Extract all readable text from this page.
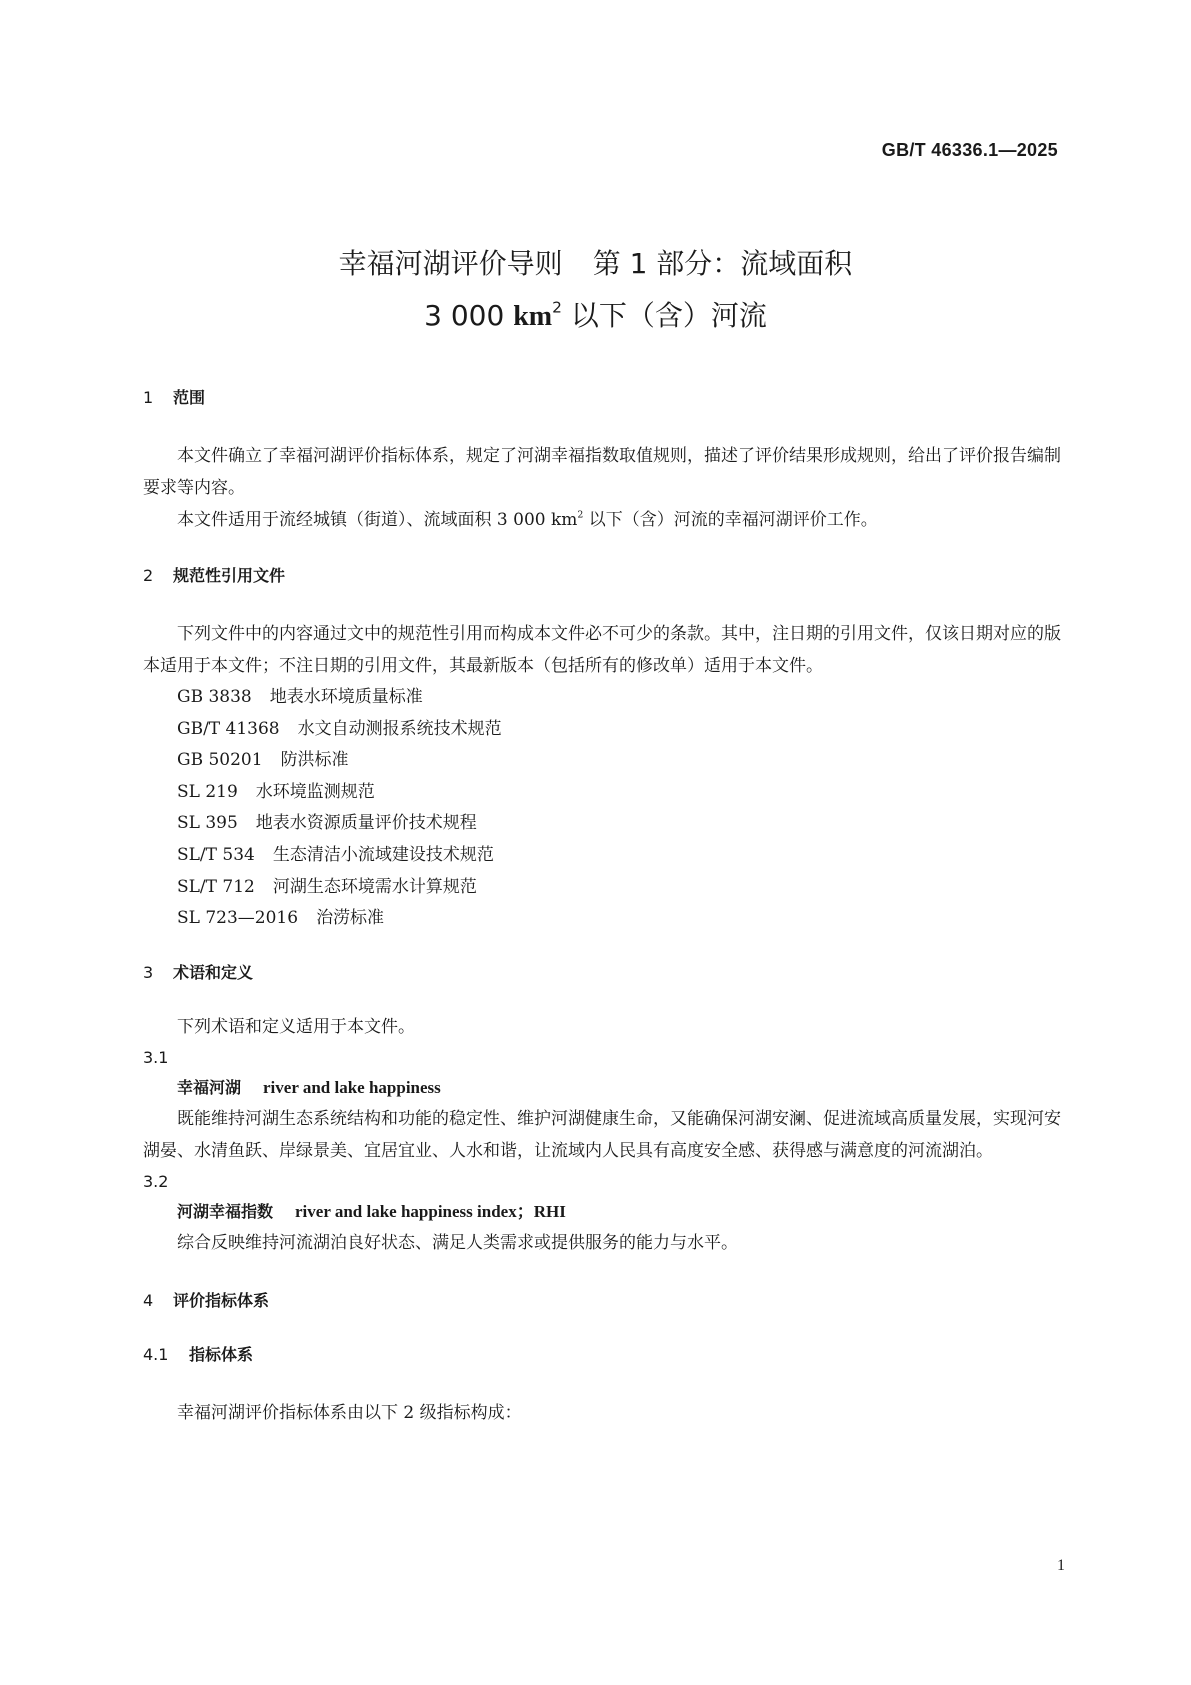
GB/T 46336.1—2025
幸福河湖评价导则 第 1 部分：流域面积
3 000 $km^2$ 以下（含）河流
1 范围
本文件确立了幸福河湖评价指标体系，规定了河湖幸福指数取值规则，描述了评价结果形成规则，给出了评价报告编制要求等内容。
本文件适用于流经城镇（街道）、流域面积 3 000 $km^2$ 以下（含）河流的幸福河湖评价工作。
2 规范性引用文件
下列文件中的内容通过文中的规范性引用而构成本文件必不可少的条款。其中，注日期的引用文件，仅该日期对应的版本适用于本文件；不注日期的引用文件，其最新版本（包括所有的修改单）适用于本文件。
GB 3838 地表水环境质量标准
GB/T 41368 水文自动测报系统技术规范
GB 50201 防洪标准
SL 219 水环境监测规范
SL 395 地表水资源质量评价技术规程
SL/T 534 生态清洁小流域建设技术规范
SL/T 712 河湖生态环境需水计算规范
SL 723—2016 治涝标准
3 术语和定义
下列术语和定义适用于本文件。
3.1
幸福河湖 river and lake happiness
既能维持河湖生态系统结构和功能的稳定性、维护河湖健康生命，又能确保河湖安澜、促进流域高质量发展，实现河安湖晏、水清鱼跃、岸绿景美、宜居宜业、人水和谐，让流域内人民具有高度安全感、获得感与满意度的河流湖泊。
3.2
河湖幸福指数 river and lake happiness index；RHI
综合反映维持河流湖泊良好状态、满足人类需求或提供服务的能力与水平。
4 评价指标体系
4.1 指标体系
幸福河湖评价指标体系由以下 2 级指标构成：
1
